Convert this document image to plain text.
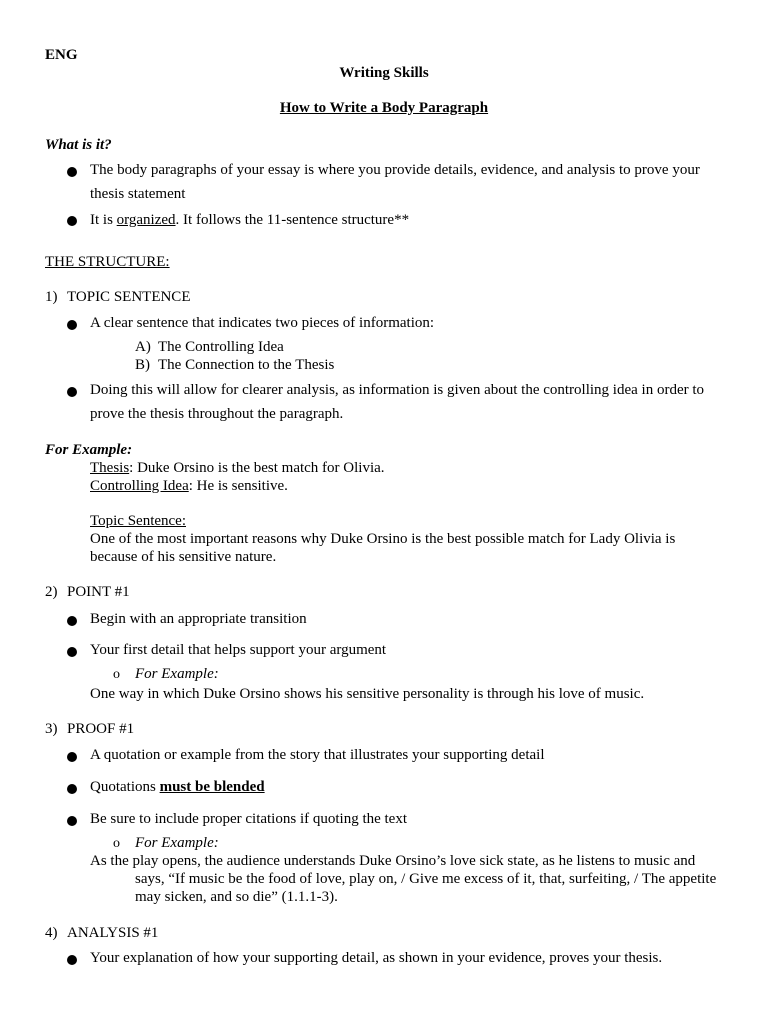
ENG
Writing Skills
How to Write a Body Paragraph
What is it?
The body paragraphs of your essay is where you provide details, evidence, and analysis to prove your
thesis statement
It is organized. It follows the 11-sentence structure**
THE STRUCTURE:
1) TOPIC SENTENCE
A clear sentence that indicates two pieces of information:
A) The Controlling Idea
B) The Connection to the Thesis
Doing this will allow for clearer analysis, as information is given about the controlling idea in order to
prove the thesis throughout the paragraph.
For Example:
Thesis: Duke Orsino is the best match for Olivia.
Controlling Idea: He is sensitive.
Topic Sentence:
One of the most important reasons why Duke Orsino is the best possible match for Lady Olivia is
because of his sensitive nature.
2) POINT #1
Begin with an appropriate transition
Your first detail that helps support your argument
o For Example:
One way in which Duke Orsino shows his sensitive personality is through his love of music.
3) PROOF #1
A quotation or example from the story that illustrates your supporting detail
Quotations must be blended
Be sure to include proper citations if quoting the text
o For Example:
As the play opens, the audience understands Duke Orsino’s love sick state, as he listens to music and
says, “If music be the food of love, play on, / Give me excess of it, that, surfeiting, / The appetite
may sicken, and so die” (1.1.1-3).
4) ANALYSIS #1
Your explanation of how your supporting detail, as shown in your evidence, proves your thesis.
